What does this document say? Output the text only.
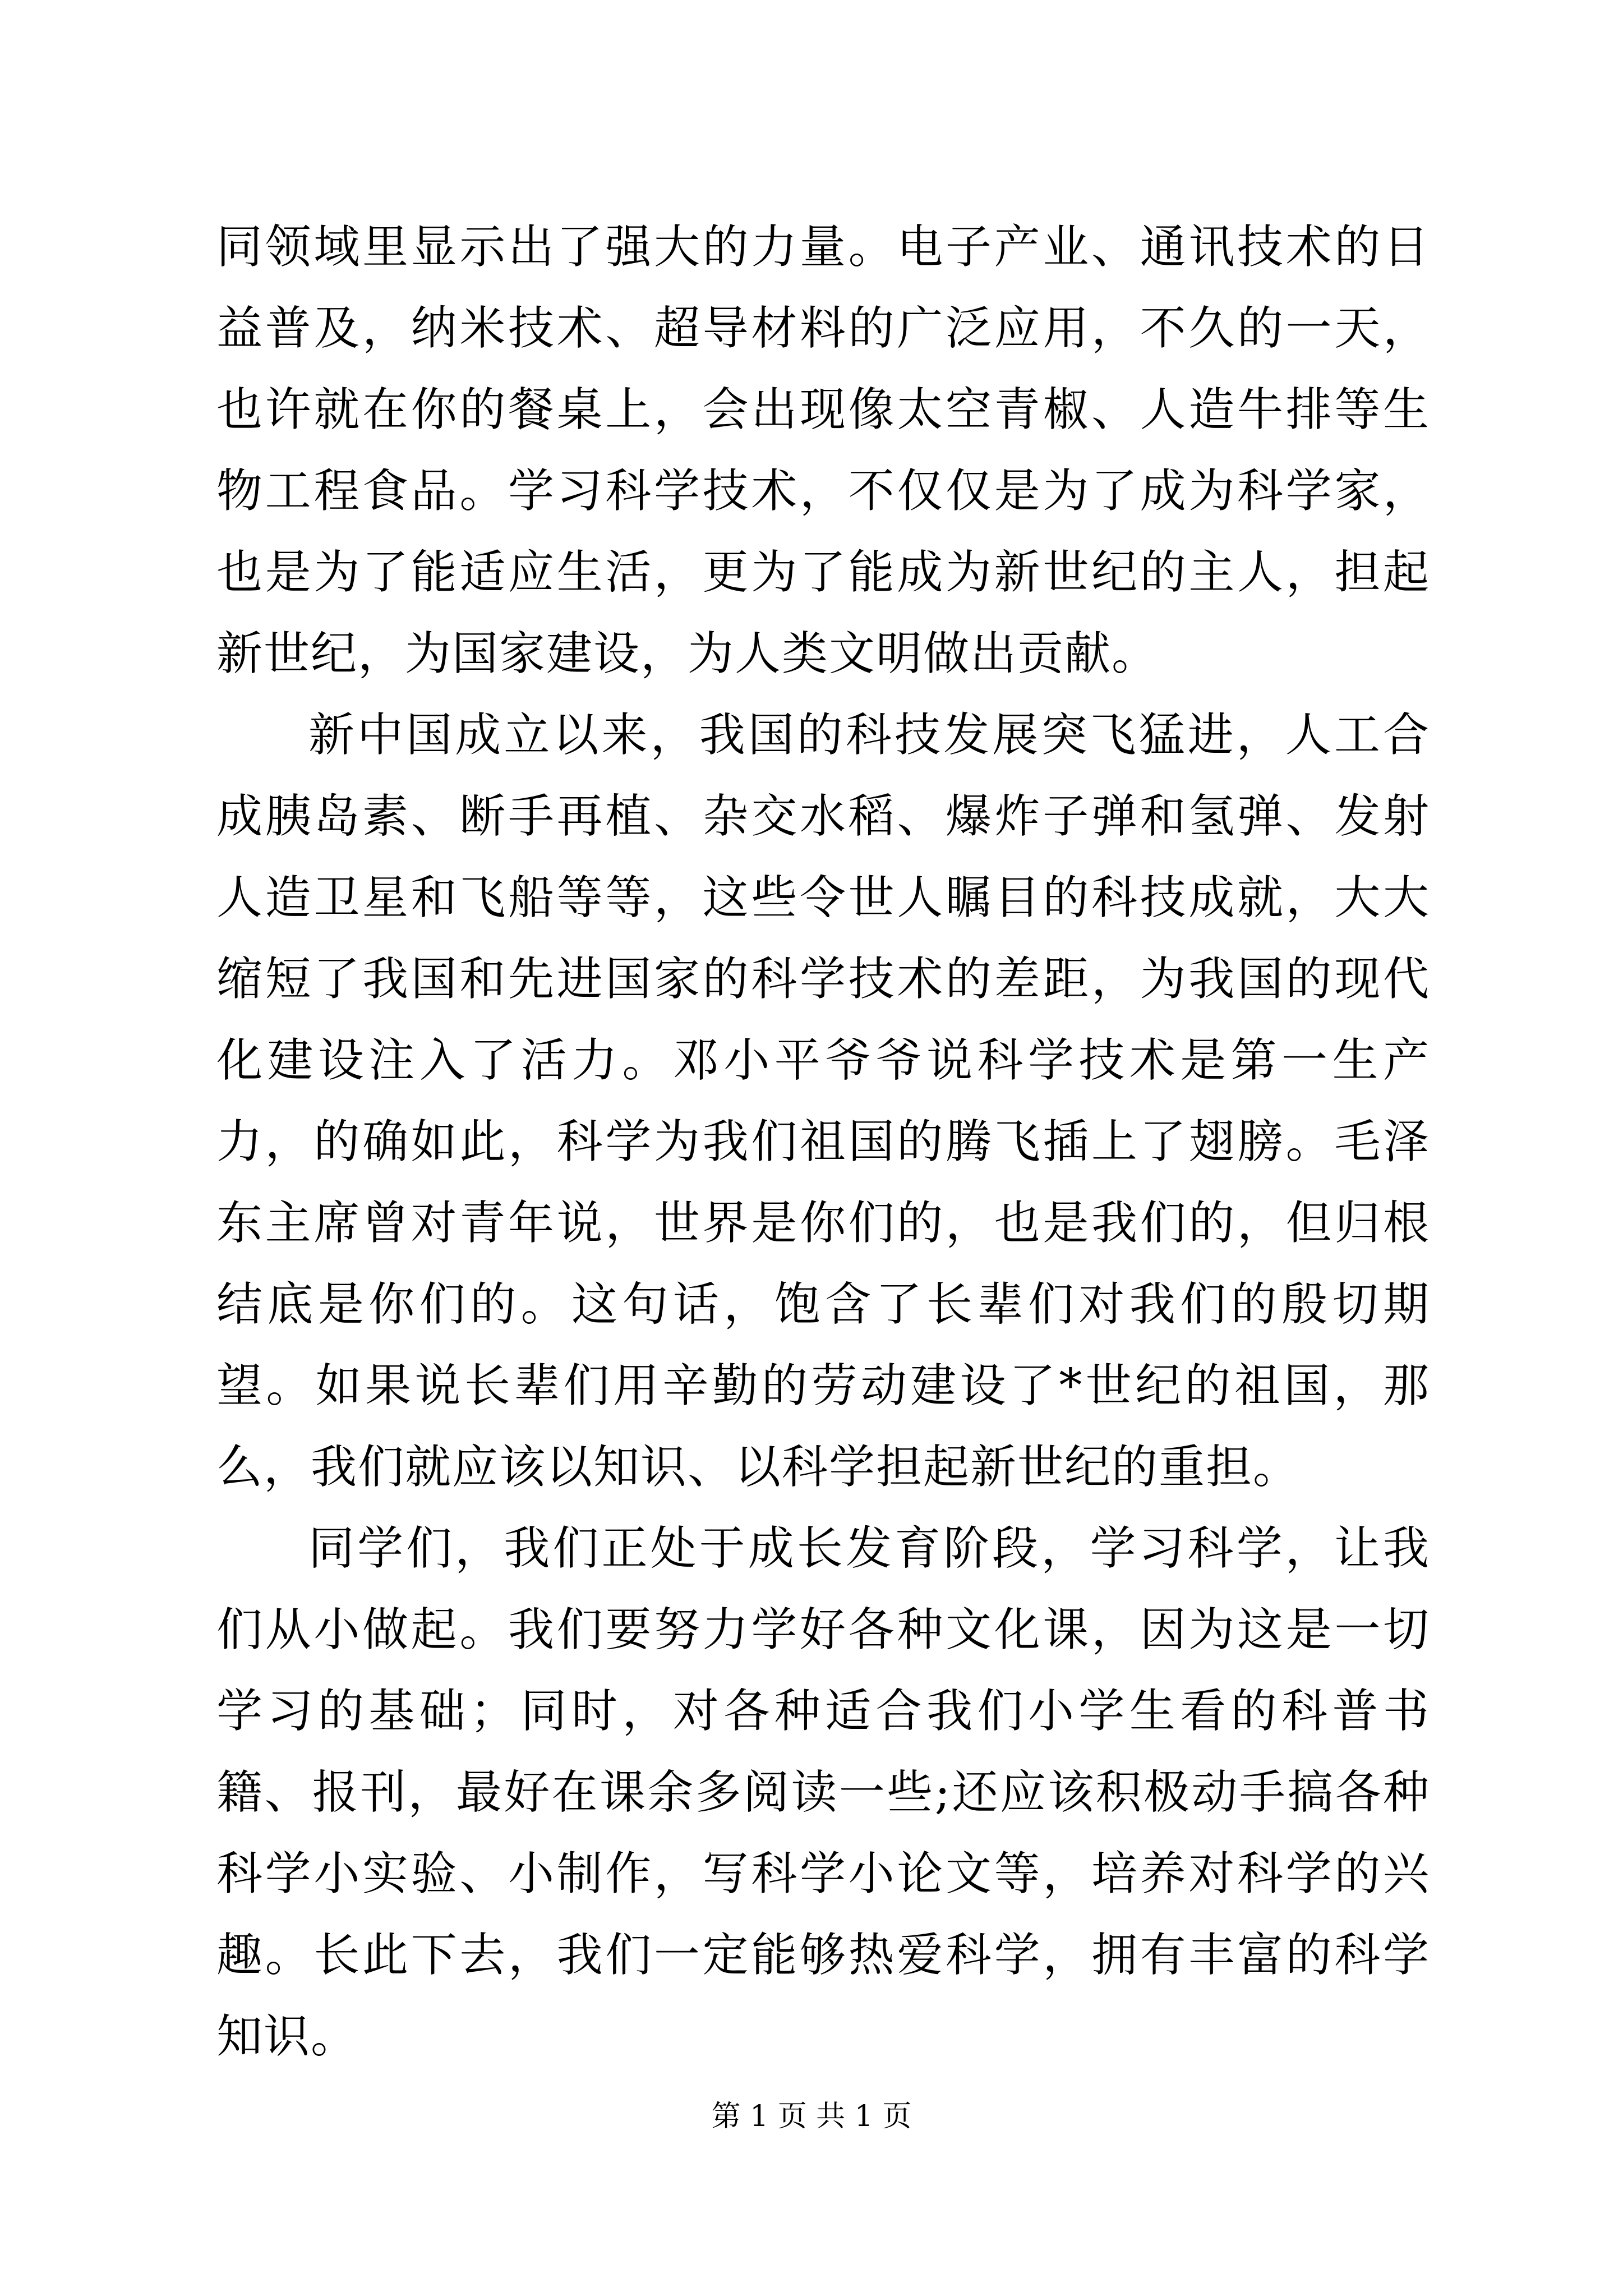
同领域里显示出了强大的力量。电子产业、通讯技术的日益普及，纳米技术、超导材料的广泛应用，不久的一天，也许就在你的餐桌上，会出现像太空青椒、人造牛排等生物工程食品。学习科学技术，不仅仅是为了成为科学家，也是为了能适应生活，更为了能成为新世纪的主人，担起新世纪，为国家建设，为人类文明做出贡献。

新中国成立以来，我国的科技发展突飞猛进，人工合成胰岛素、断手再植、杂交水稻、爆炸子弹和氢弹、发射人造卫星和飞船等等，这些令世人瞩目的科技成就，大大缩短了我国和先进国家的科学技术的差距，为我国的现代化建设注入了活力。邓小平爷爷说科学技术是第一生产力，的确如此，科学为我们祖国的腾飞插上了翅膀。毛泽东主席曾对青年说，世界是你们的，也是我们的，但归根结底是你们的。这句话，饱含了长辈们对我们的殷切期望。如果说长辈们用辛勤的劳动建设了*世纪的祖国，那么，我们就应该以知识、以科学担起新世纪的重担。

同学们，我们正处于成长发育阶段，学习科学，让我们从小做起。我们要努力学好各种文化课，因为这是一切学习的基础；同时，对各种适合我们小学生看的科普书籍、报刊，最好在课余多阅读一些;还应该积极动手搞各种科学小实验、小制作，写科学小论文等，培养对科学的兴趣。长此下去，我们一定能够热爱科学，拥有丰富的科学知识。

第 1 页 共 1 页
